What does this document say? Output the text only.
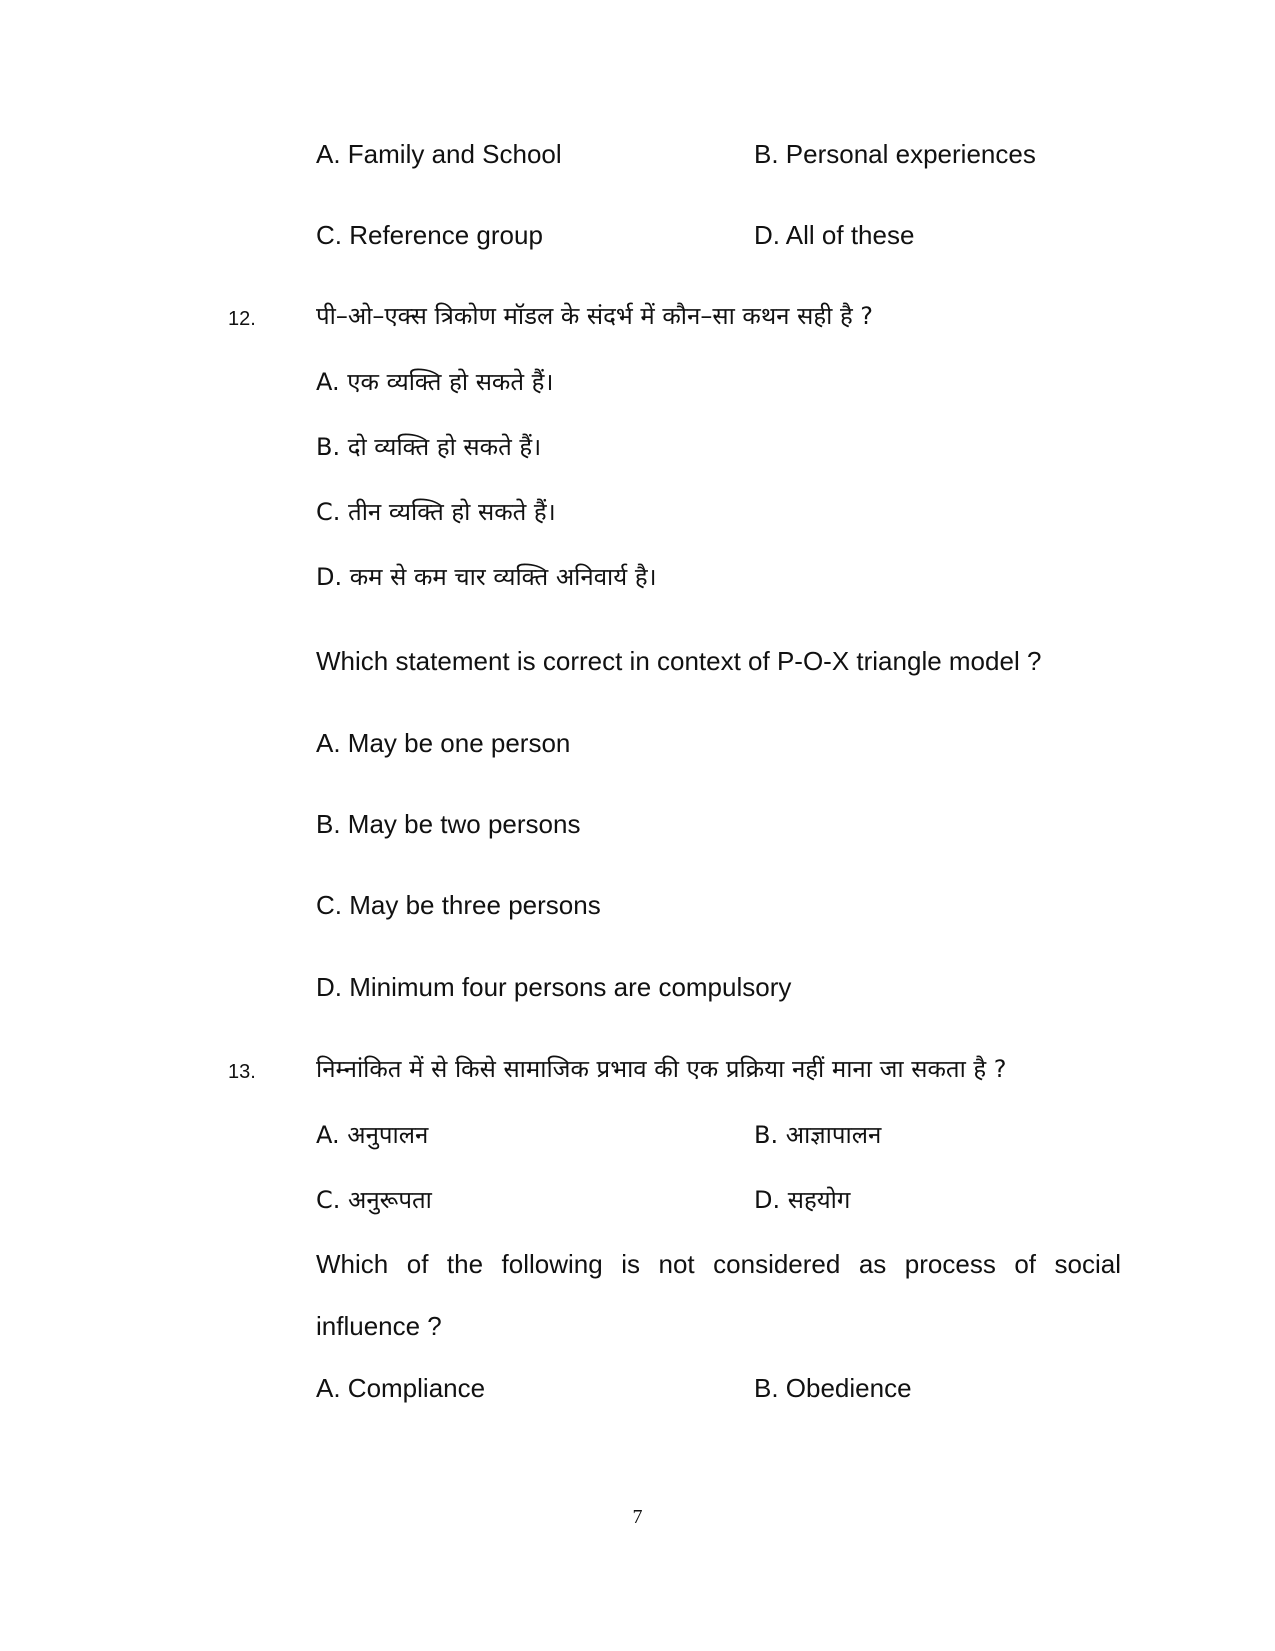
A. Family and School	B. Personal experiences
C. Reference group	D. All of these
12.	पी–ओ–एक्स त्रिकोण मॉडल के संदर्भ में कौन–सा कथन सही है ?
A. एक व्यक्ति हो सकते हैं।
B. दो व्यक्ति हो सकते हैं।
C. तीन व्यक्ति हो सकते हैं।
D. कम से कम चार व्यक्ति अनिवार्य है।
Which statement is correct in context of P-O-X triangle model ?
A. May be one person
B. May be two persons
C. May be three persons
D. Minimum four persons are compulsory
13.	निम्नांकित में से किसे सामाजिक प्रभाव की एक प्रक्रिया नहीं माना जा सकता है ?
A. अनुपालन	B. आज्ञापालन
C. अनुरूपता	D. सहयोग
Which of the following is not considered as process of social
influence ?
A. Compliance	B. Obedience
7
